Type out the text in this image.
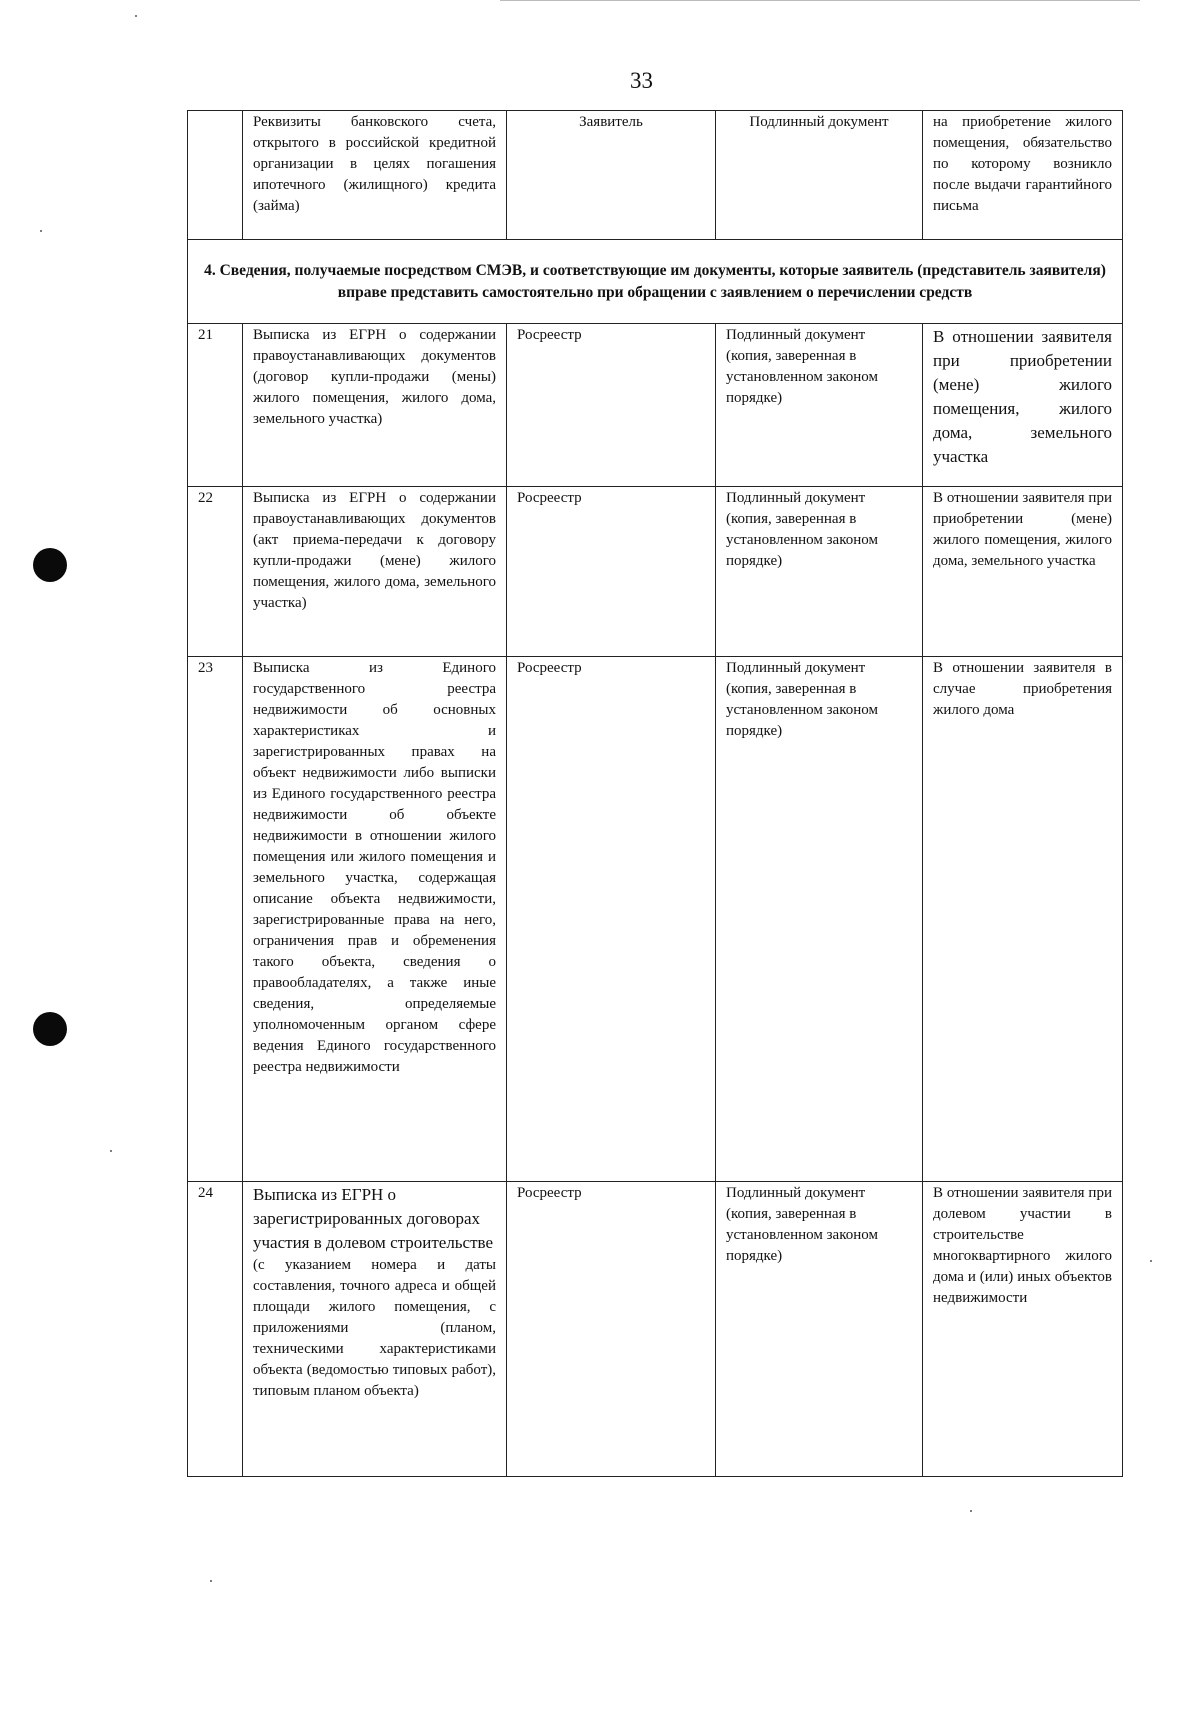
33
	Реквизиты банковского счета, открытого в российской кредитной организации в целях погашения ипотечного (жилищного) кредита (займа)	Заявитель	Подлинный документ	на приобретение жилого помещения, обязательство по которому возникло после выдачи гарантийного письма
4. Сведения, получаемые посредством СМЭВ, и соответствующие им документы, которые заявитель (представитель заявителя) вправе представить самостоятельно при обращении с заявлением о перечислении средств				
21	Выписка из ЕГРН о содержании правоустанавливающих документов (договор купли-продажи (мены) жилого помещения, жилого дома, земельного участка)	Росреестр	Подлинный документ (копия, заверенная в установленном законом порядке)	В отношении заявителя при приобретении (мене) жилого помещения, жилого дома, земельного участка
22	Выписка из ЕГРН о содержании правоустанавливающих документов (акт приема-передачи к договору купли-продажи (мене) жилого помещения, жилого дома, земельного участка)	Росреестр	Подлинный документ (копия, заверенная в установленном законом порядке)	В отношении заявителя при приобретении (мене) жилого помещения, жилого дома, земельного участка
23	Выписка из Единого государственного реестра недвижимости об основных характеристиках и зарегистрированных правах на объект недвижимости либо выписки из Единого государственного реестра недвижимости об объекте недвижимости в отношении жилого помещения или жилого помещения и земельного участка, содержащая описание объекта недвижимости, зарегистрированные права на него, ограничения прав и обременения такого объекта, сведения о правообладателях, а также иные сведения, определяемые уполномоченным органом сфере ведения Единого государственного реестра недвижимости	Росреестр	Подлинный документ (копия, заверенная в установленном законом порядке)	В отношении заявителя в случае приобретения жилого дома
24	Выписка из ЕГРН о зарегистрированных договорах участия в долевом строительстве
(с указанием номера и даты составления, точного адреса и общей площади жилого помещения, с приложениями (планом, техническими характеристиками объекта (ведомостью типовых работ), типовым планом объекта)	Росреестр	Подлинный документ (копия, заверенная в установленном законом порядке)	В отношении заявителя при долевом участии в строительстве многоквартирного жилого дома и (или) иных объектов недвижимости
